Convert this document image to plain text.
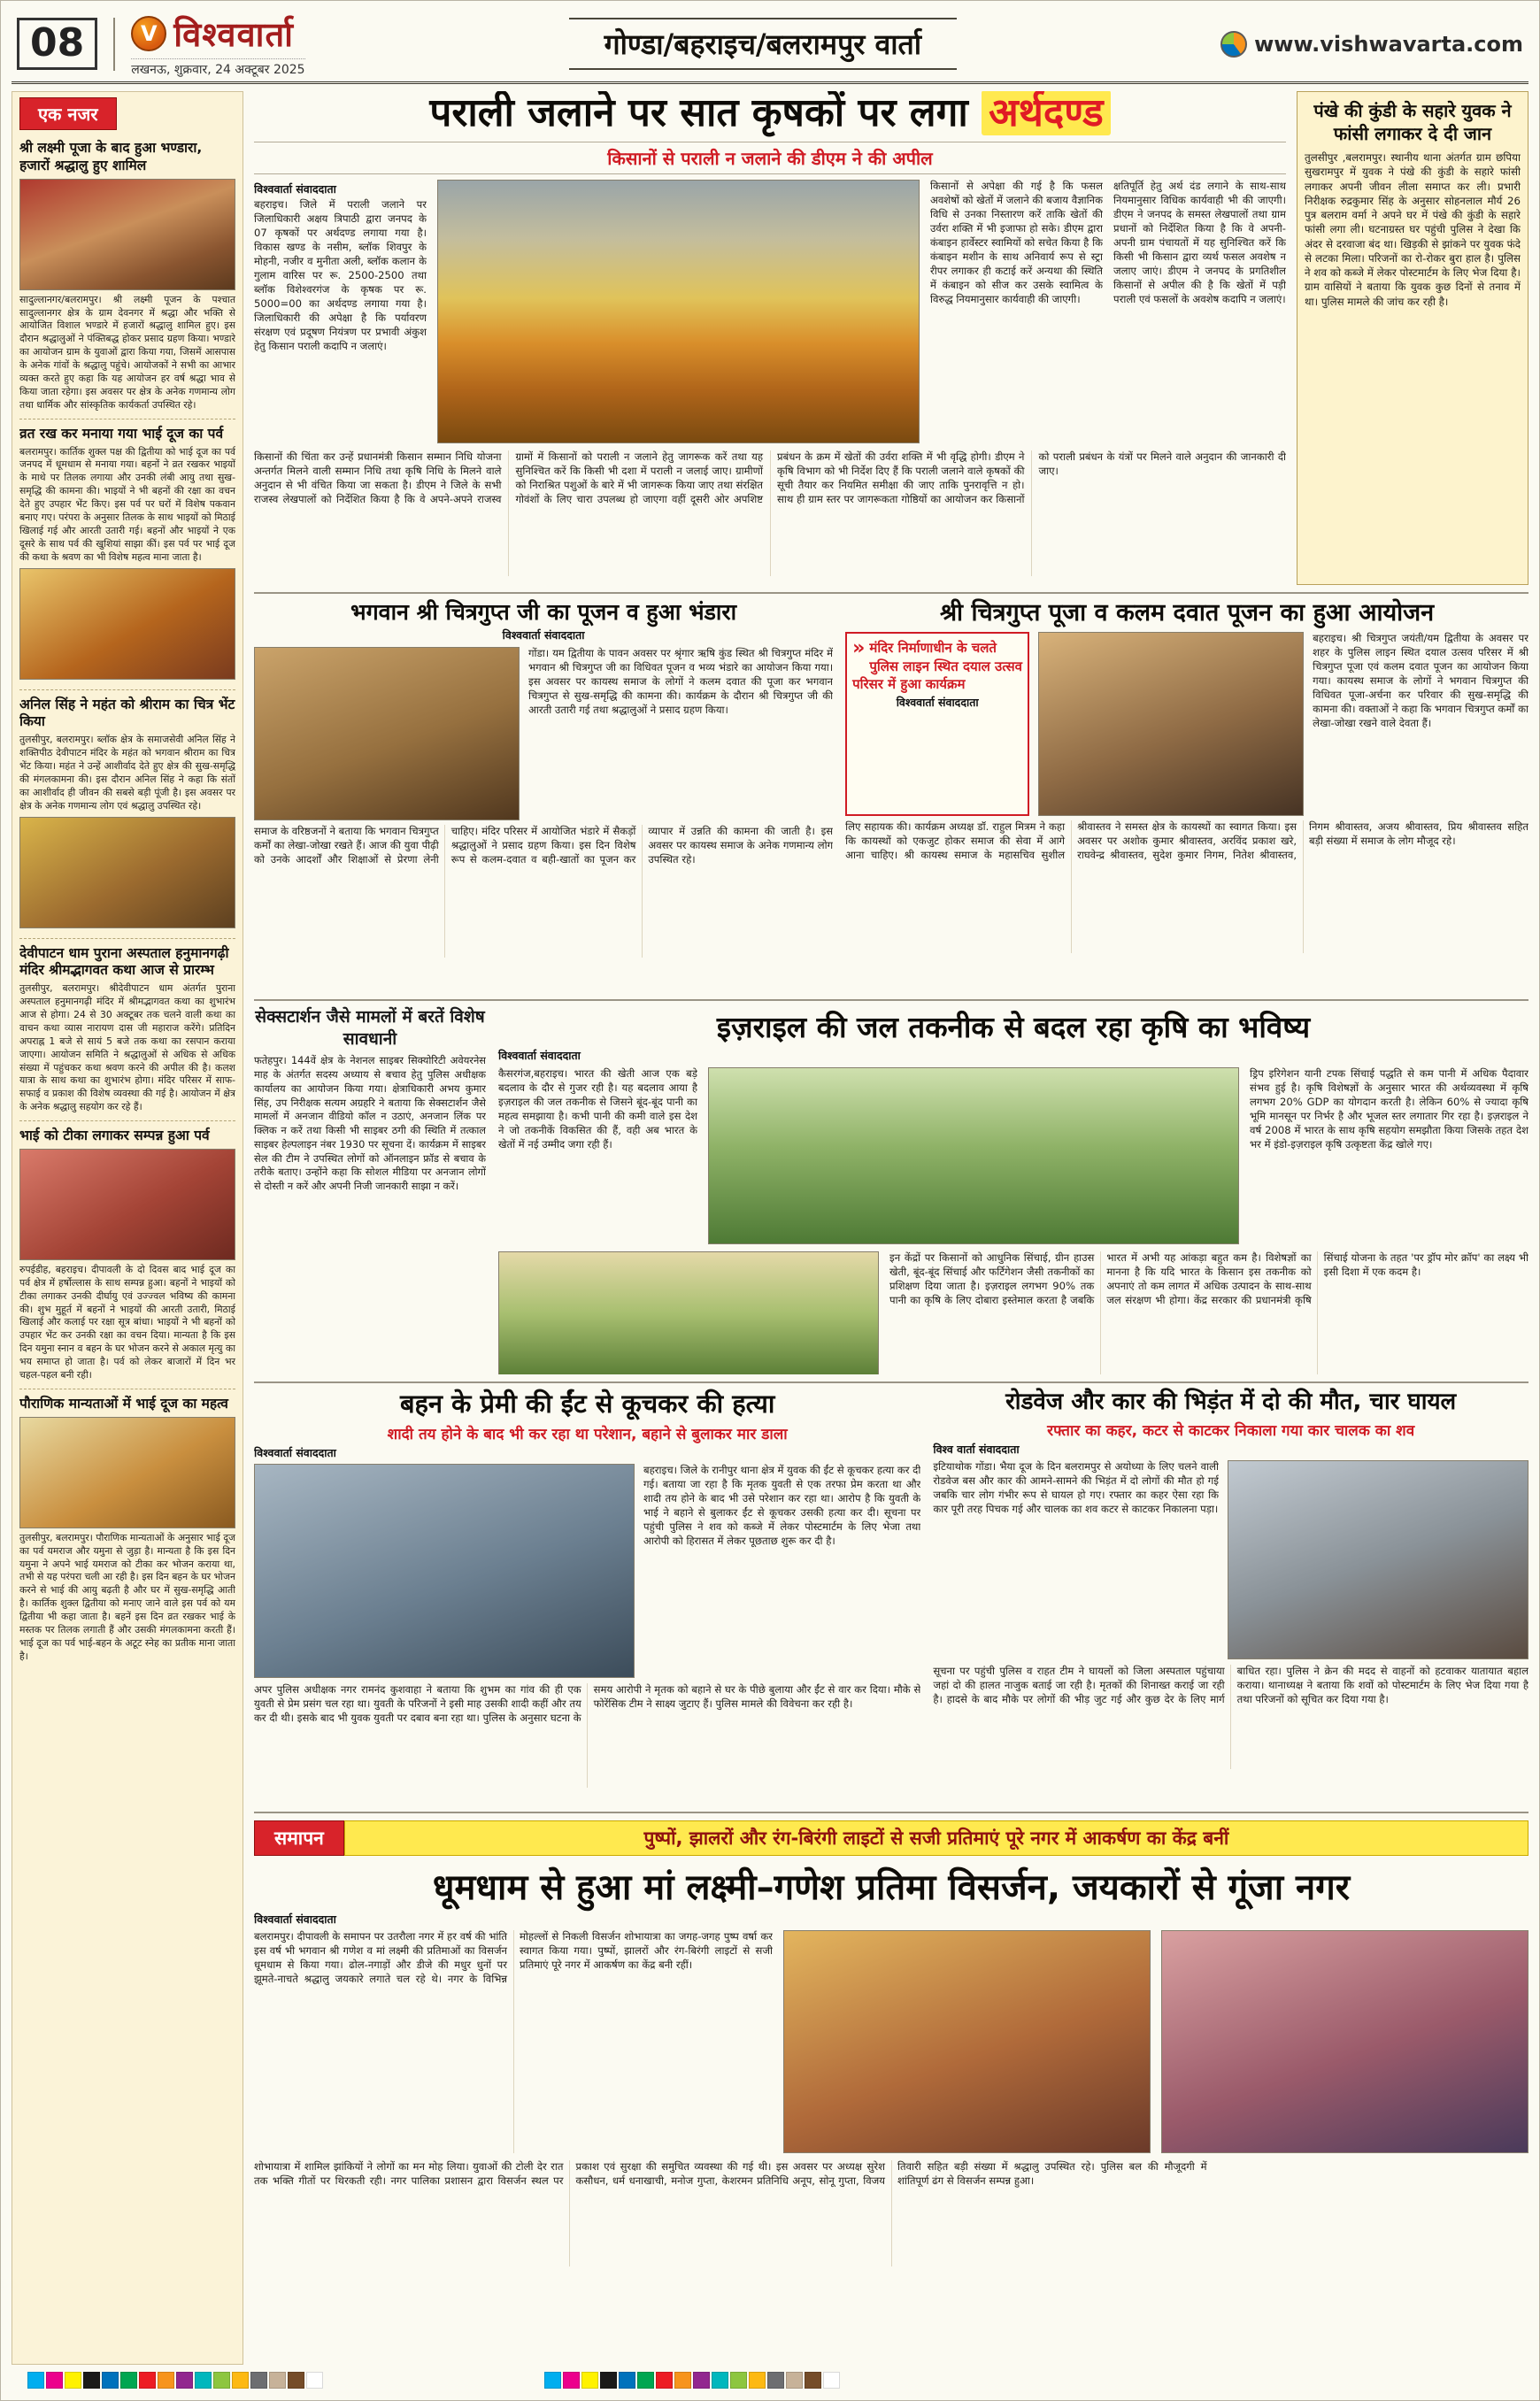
08	V विश्ववार्ता
लखनऊ, शुक्रवार, 24 अक्टूबर 2025
गोण्डा/बहराइच/बलरामपुर वार्ता	www.vishwavarta.com
एक नजर
श्री लक्ष्मी पूजा के बाद हुआ भण्डारा, हजारों श्रद्धालु हुए शामिल

सादुल्लानगर/बलरामपुर। श्री लक्ष्मी पूजन के पश्चात सादुल्लानगर क्षेत्र के ग्राम देवनगर में श्रद्धा और भक्ति से आयोजित विशाल भण्डारे में हजारों श्रद्धालु शामिल हुए। इस दौरान श्रद्धालुओं ने पंक्तिबद्ध होकर प्रसाद ग्रहण किया। भण्डारे का आयोजन ग्राम के युवाओं द्वारा किया गया, जिसमें आसपास के अनेक गांवों के श्रद्धालु पहुंचे। आयोजकों ने सभी का आभार व्यक्त करते हुए कहा कि यह आयोजन हर वर्ष श्रद्धा भाव से किया जाता रहेगा। इस अवसर पर क्षेत्र के अनेक गणमान्य लोग तथा धार्मिक और सांस्कृतिक कार्यकर्ता उपस्थित रहे।

व्रत रख कर मनाया गया भाई दूज का पर्व

बलरामपुर। कार्तिक शुक्ल पक्ष की द्वितीया को भाई दूज का पर्व जनपद में धूमधाम से मनाया गया। बहनों ने व्रत रखकर भाइयों के माथे पर तिलक लगाया और उनकी लंबी आयु तथा सुख-समृद्धि की कामना की। भाइयों ने भी बहनों की रक्षा का वचन देते हुए उपहार भेंट किए। इस पर्व पर घरों में विशेष पकवान बनाए गए। परंपरा के अनुसार तिलक के साथ भाइयों को मिठाई खिलाई गई और आरती उतारी गई। बहनों और भाइयों ने एक दूसरे के साथ पर्व की खुशियां साझा कीं। इस पर्व पर भाई दूज की कथा के श्रवण का भी विशेष महत्व माना जाता है।

अनिल सिंह ने महंत को श्रीराम का चित्र भेंट किया

तुलसीपुर, बलरामपुर। ब्लॉक क्षेत्र के समाजसेवी अनिल सिंह ने शक्तिपीठ देवीपाटन मंदिर के महंत को भगवान श्रीराम का चित्र भेंट किया। महंत ने उन्हें आशीर्वाद देते हुए क्षेत्र की सुख-समृद्धि की मंगलकामना की। इस दौरान अनिल सिंह ने कहा कि संतों का आशीर्वाद ही जीवन की सबसे बड़ी पूंजी है। इस अवसर पर क्षेत्र के अनेक गणमान्य लोग एवं श्रद्धालु उपस्थित रहे।

देवीपाटन धाम पुराना अस्पताल हनुमानगढ़ी मंदिर श्रीमद्भागवत कथा आज से प्रारम्भ

तुलसीपुर, बलरामपुर। श्रीदेवीपाटन धाम अंतर्गत पुराना अस्पताल हनुमानगढ़ी मंदिर में श्रीमद्भागवत कथा का शुभारंभ आज से होगा। 24 से 30 अक्टूबर तक चलने वाली कथा का वाचन कथा व्यास नारायण दास जी महाराज करेंगे। प्रतिदिन अपराह्न 1 बजे से सायं 5 बजे तक कथा का रसपान कराया जाएगा। आयोजन समिति ने श्रद्धालुओं से अधिक से अधिक संख्या में पहुंचकर कथा श्रवण करने की अपील की है। कलश यात्रा के साथ कथा का शुभारंभ होगा। मंदिर परिसर में साफ-सफाई व प्रकाश की विशेष व्यवस्था की गई है। आयोजन में क्षेत्र के अनेक श्रद्धालु सहयोग कर रहे हैं।

भाई को टीका लगाकर सम्पन्न हुआ पर्व

रुपईडीह, बहराइच। दीपावली के दो दिवस बाद भाई दूज का पर्व क्षेत्र में हर्षोल्लास के साथ सम्पन्न हुआ। बहनों ने भाइयों को टीका लगाकर उनकी दीर्घायु एवं उज्ज्वल भविष्य की कामना की। शुभ मुहूर्त में बहनों ने भाइयों की आरती उतारी, मिठाई खिलाई और कलाई पर रक्षा सूत्र बांधा। भाइयों ने भी बहनों को उपहार भेंट कर उनकी रक्षा का वचन दिया। मान्यता है कि इस दिन यमुना स्नान व बहन के घर भोजन करने से अकाल मृत्यु का भय समाप्त हो जाता है। पर्व को लेकर बाजारों में दिन भर चहल-पहल बनी रही।

पौराणिक मान्यताओं में भाई दूज का महत्व

तुलसीपुर, बलरामपुर। पौराणिक मान्यताओं के अनुसार भाई दूज का पर्व यमराज और यमुना से जुड़ा है। मान्यता है कि इस दिन यमुना ने अपने भाई यमराज को टीका कर भोजन कराया था, तभी से यह परंपरा चली आ रही है। इस दिन बहन के घर भोजन करने से भाई की आयु बढ़ती है और घर में सुख-समृद्धि आती है। कार्तिक शुक्ल द्वितीया को मनाए जाने वाले इस पर्व को यम द्वितीया भी कहा जाता है। बहनें इस दिन व्रत रखकर भाई के मस्तक पर तिलक लगाती हैं और उसकी मंगलकामना करती हैं। भाई दूज का पर्व भाई-बहन के अटूट स्नेह का प्रतीक माना जाता है।

पराली जलाने पर सात कृषकों पर लगा अर्थदण्ड
किसानों से पराली न जलाने की डीएम ने की अपील
विश्ववार्ता संवाददाता

बहराइच। जिले में पराली जलाने पर जिलाधिकारी अक्षय त्रिपाठी द्वारा जनपद के 07 कृषकों पर अर्थदण्ड लगाया गया है। विकास खण्ड के नसीम, ब्लॉक शिवपुर के मोहनी, नजीर व मुनीता अली, ब्लॉक कलान के गुलाम वारिस पर रू. 2500-2500 तथा ब्लॉक विशेश्वरगंज के कृषक पर रू. 5000=00 का अर्थदण्ड लगाया गया है। जिलाधिकारी की अपेक्षा है कि पर्यावरण संरक्षण एवं प्रदूषण नियंत्रण पर प्रभावी अंकुश हेतु किसान पराली कदापि न जलाएं।

किसानों से अपेक्षा की गई है कि फसल अवशेषों को खेतों में जलाने की बजाय वैज्ञानिक विधि से उनका निस्तारण करें ताकि खेतों की उर्वरा शक्ति में भी इजाफा हो सके। डीएम द्वारा कंबाइन हार्वेस्टर स्वामियों को सचेत किया है कि कंबाइन मशीन के साथ अनिवार्य रूप से स्ट्रा रीपर लगाकर ही कटाई करें अन्यथा की स्थिति में कंबाइन को सीज कर उसके स्वामित्व के विरुद्ध नियमानुसार कार्यवाही की जाएगी।

क्षतिपूर्ति हेतु अर्थ दंड लगाने के साथ-साथ नियमानुसार विधिक कार्यवाही भी की जाएगी। डीएम ने जनपद के समस्त लेखपालों तथा ग्राम प्रधानों को निर्देशित किया है कि वे अपनी-अपनी ग्राम पंचायतों में यह सुनिश्चित करें कि किसी भी किसान द्वारा व्यर्थ फसल अवशेष न जलाए जाएं। डीएम ने जनपद के प्रगतिशील किसानों से अपील की है कि खेतों में पड़ी पराली एवं फसलों के अवशेष कदापि न जलाएं।

किसानों की चिंता कर उन्हें प्रधानमंत्री किसान सम्मान निधि योजना अन्तर्गत मिलने वाली सम्मान निधि तथा कृषि निधि के मिलने वाले अनुदान से भी वंचित किया जा सकता है। डीएम ने जिले के सभी राजस्व लेखपालों को निर्देशित किया है कि वे अपने-अपने राजस्व ग्रामों में किसानों को पराली न जलाने हेतु जागरूक करें तथा यह सुनिश्चित करें कि किसी भी दशा में पराली न जलाई जाए। ग्रामीणों को निराश्रित पशुओं के बारे में भी जागरूक किया जाए तथा संरक्षित गोवंशों के लिए चारा उपलब्ध हो जाएगा वहीं दूसरी ओर अपशिष्ट प्रबंधन के क्रम में खेतों की उर्वरा शक्ति में भी वृद्धि होगी। डीएम ने कृषि विभाग को भी निर्देश दिए हैं कि पराली जलाने वाले कृषकों की सूची तैयार कर नियमित समीक्षा की जाए ताकि पुनरावृत्ति न हो। साथ ही ग्राम स्तर पर जागरूकता गोष्ठियों का आयोजन कर किसानों को पराली प्रबंधन के यंत्रों पर मिलने वाले अनुदान की जानकारी दी जाए।

पंखे की कुंडी के सहारे युवक ने फांसी लगाकर दे दी जान

तुलसीपुर ,बलरामपुर। स्थानीय थाना अंतर्गत ग्राम छपिया सुखरामपुर में युवक ने पंखे की कुंडी के सहारे फांसी लगाकर अपनी जीवन लीला समाप्त कर ली। प्रभारी निरीक्षक रुद्रकुमार सिंह के अनुसार सोहनलाल मौर्य 26 पुत्र बलराम वर्मा ने अपने घर में पंखे की कुंडी के सहारे फांसी लगा ली। घटनाग्रस्त घर पहुंची पुलिस ने देखा कि अंदर से दरवाजा बंद था। खिड़की से झांकने पर युवक फंदे से लटका मिला। परिजनों का रो-रोकर बुरा हाल है। पुलिस ने शव को कब्जे में लेकर पोस्टमार्टम के लिए भेज दिया है। ग्राम वासियों ने बताया कि युवक कुछ दिनों से तनाव में था। पुलिस मामले की जांच कर रही है।

भगवान श्री चित्रगुप्त जी का पूजन व हुआ भंडारा
विश्ववार्ता संवाददाता

गोंडा। यम द्वितीया के पावन अवसर पर श्रृंगार ऋषि कुंड स्थित श्री चित्रगुप्त मंदिर में भगवान श्री चित्रगुप्त जी का विधिवत पूजन व भव्य भंडारे का आयोजन किया गया। इस अवसर पर कायस्थ समाज के लोगों ने कलम दवात की पूजा कर भगवान चित्रगुप्त से सुख-समृद्धि की कामना की। कार्यक्रम के दौरान श्री चित्रगुप्त जी की आरती उतारी गई तथा श्रद्धालुओं ने प्रसाद ग्रहण किया।

समाज के वरिष्ठजनों ने बताया कि भगवान चित्रगुप्त कर्मों का लेखा-जोखा रखते हैं। आज की युवा पीढ़ी को उनके आदर्शों और शिक्षाओं से प्रेरणा लेनी चाहिए। मंदिर परिसर में आयोजित भंडारे में सैकड़ों श्रद्धालुओं ने प्रसाद ग्रहण किया। इस दिन विशेष रूप से कलम-दवात व बही-खातों का पूजन कर व्यापार में उन्नति की कामना की जाती है। इस अवसर पर कायस्थ समाज के अनेक गणमान्य लोग उपस्थित रहे।

श्री चित्रगुप्त पूजा व कलम दवात पूजन का हुआ आयोजन
» मंदिर निर्माणाधीन के चलते पुलिस लाइन स्थित दयाल उत्सव परिसर में हुआ कार्यक्रम
विश्ववार्ता संवाददाता

बहराइच। श्री चित्रगुप्त जयंती/यम द्वितीया के अवसर पर शहर के पुलिस लाइन स्थित दयाल उत्सव परिसर में श्री चित्रगुप्त पूजा एवं कलम दवात पूजन का आयोजन किया गया। कायस्थ समाज के लोगों ने भगवान चित्रगुप्त की विधिवत पूजा-अर्चना कर परिवार की सुख-समृद्धि की कामना की। वक्ताओं ने कहा कि भगवान चित्रगुप्त कर्मों का लेखा-जोखा रखने वाले देवता हैं।

लिए सहायक की। कार्यक्रम अध्यक्ष डॉ. राहुल मित्रम ने कहा कि कायस्थों को एकजुट होकर समाज की सेवा में आगे आना चाहिए। श्री कायस्थ समाज के महासचिव सुशील श्रीवास्तव ने समस्त क्षेत्र के कायस्थों का स्वागत किया। इस अवसर पर अशोक कुमार श्रीवास्तव, अरविंद प्रकाश खरे, राघवेन्द्र श्रीवास्तव, सुदेश कुमार निगम, नितेश श्रीवास्तव, निगम श्रीवास्तव, अजय श्रीवास्तव, प्रिय श्रीवास्तव सहित बड़ी संख्या में समाज के लोग मौजूद रहे।

सेक्सटार्शन जैसे मामलों में बरतें विशेष सावधानी

फतेहपुर। 144वें क्षेत्र के नेशनल साइबर सिक्योरिटी अवेयरनेस माह के अंतर्गत सदस्य अध्याय से बचाव हेतु पुलिस अधीक्षक कार्यालय का आयोजन किया गया। क्षेत्राधिकारी अभय कुमार सिंह, उप निरीक्षक सत्यम अग्रहरि ने बताया कि सेक्सटार्शन जैसे मामलों में अनजान वीडियो कॉल न उठाएं, अनजान लिंक पर क्लिक न करें तथा किसी भी साइबर ठगी की स्थिति में तत्काल साइबर हेल्पलाइन नंबर 1930 पर सूचना दें। कार्यक्रम में साइबर सेल की टीम ने उपस्थित लोगों को ऑनलाइन फ्रॉड से बचाव के तरीके बताए। उन्होंने कहा कि सोशल मीडिया पर अनजान लोगों से दोस्ती न करें और अपनी निजी जानकारी साझा न करें।

इज़राइल की जल तकनीक से बदल रहा कृषि का भविष्य
विश्ववार्ता संवाददाता

कैसरगंज,बहराइच। भारत की खेती आज एक बड़े बदलाव के दौर से गुजर रही है। यह बदलाव आया है इज़राइल की जल तकनीक से जिसने बूंद-बूंद पानी का महत्व समझाया है। कभी पानी की कमी वाले इस देश ने जो तकनीकें विकसित की हैं, वही अब भारत के खेतों में नई उम्मीद जगा रही हैं।

ड्रिप इरिगेशन यानी टपक सिंचाई पद्धति से कम पानी में अधिक पैदावार संभव हुई है। कृषि विशेषज्ञों के अनुसार भारत की अर्थव्यवस्था में कृषि लगभग 20% GDP का योगदान करती है। लेकिन 60% से ज्यादा कृषि भूमि मानसून पर निर्भर है और भूजल स्तर लगातार गिर रहा है। इज़राइल ने वर्ष 2008 में भारत के साथ कृषि सहयोग समझौता किया जिसके तहत देश भर में इंडो-इज़राइल कृषि उत्कृष्टता केंद्र खोले गए।

इन केंद्रों पर किसानों को आधुनिक सिंचाई, ग्रीन हाउस खेती, बूंद-बूंद सिंचाई और फर्टिगेशन जैसी तकनीकों का प्रशिक्षण दिया जाता है। इज़राइल लगभग 90% तक पानी का कृषि के लिए दोबारा इस्तेमाल करता है जबकि भारत में अभी यह आंकड़ा बहुत कम है। विशेषज्ञों का मानना है कि यदि भारत के किसान इस तकनीक को अपनाएं तो कम लागत में अधिक उत्पादन के साथ-साथ जल संरक्षण भी होगा। केंद्र सरकार की प्रधानमंत्री कृषि सिंचाई योजना के तहत 'पर ड्रॉप मोर क्रॉप' का लक्ष्य भी इसी दिशा में एक कदम है।

बहन के प्रेमी की ईंट से कूचकर की हत्या
शादी तय होने के बाद भी कर रहा था परेशान, बहाने से बुलाकर मार डाला
विश्ववार्ता संवाददाता

बहराइच। जिले के रानीपुर थाना क्षेत्र में युवक की ईंट से कूचकर हत्या कर दी गई। बताया जा रहा है कि मृतक युवती से एक तरफा प्रेम करता था और शादी तय होने के बाद भी उसे परेशान कर रहा था। आरोप है कि युवती के भाई ने बहाने से बुलाकर ईंट से कूचकर उसकी हत्या कर दी। सूचना पर पहुंची पुलिस ने शव को कब्जे में लेकर पोस्टमार्टम के लिए भेजा तथा आरोपी को हिरासत में लेकर पूछताछ शुरू कर दी है।

अपर पुलिस अधीक्षक नगर रामनंद कुशवाहा ने बताया कि शुभम का गांव की ही एक युवती से प्रेम प्रसंग चल रहा था। युवती के परिजनों ने इसी माह उसकी शादी कहीं और तय कर दी थी। इसके बाद भी युवक युवती पर दबाव बना रहा था। पुलिस के अनुसार घटना के समय आरोपी ने मृतक को बहाने से घर के पीछे बुलाया और ईंट से वार कर दिया। मौके से फोरेंसिक टीम ने साक्ष्य जुटाए हैं। पुलिस मामले की विवेचना कर रही है।

रोडवेज और कार की भिड़ंत में दो की मौत, चार घायल
रफ्तार का कहर, कटर से काटकर निकाला गया कार चालक का शव
विश्व वार्ता संवाददाता

इटियाथोक गोंडा। भैया दूज के दिन बलरामपुर से अयोध्या के लिए चलने वाली रोडवेज बस और कार की आमने-सामने की भिड़ंत में दो लोगों की मौत हो गई जबकि चार लोग गंभीर रूप से घायल हो गए। रफ्तार का कहर ऐसा रहा कि कार पूरी तरह पिचक गई और चालक का शव कटर से काटकर निकालना पड़ा।

सूचना पर पहुंची पुलिस व राहत टीम ने घायलों को जिला अस्पताल पहुंचाया जहां दो की हालत नाजुक बताई जा रही है। मृतकों की शिनाख्त कराई जा रही है। हादसे के बाद मौके पर लोगों की भीड़ जुट गई और कुछ देर के लिए मार्ग बाधित रहा। पुलिस ने क्रेन की मदद से वाहनों को हटवाकर यातायात बहाल कराया। थानाध्यक्ष ने बताया कि शवों को पोस्टमार्टम के लिए भेज दिया गया है तथा परिजनों को सूचित कर दिया गया है।

समापन	पुष्पों, झालरों और रंग-बिरंगी लाइटों से सजी प्रतिमाएं पूरे नगर में आकर्षण का केंद्र बनीं
धूमधाम से हुआ मां लक्ष्मी–गणेश प्रतिमा विसर्जन, जयकारों से गूंजा नगर
विश्ववार्ता संवाददाता

बलरामपुर। दीपावली के समापन पर उतरौला नगर में हर वर्ष की भांति इस वर्ष भी भगवान श्री गणेश व मां लक्ष्मी की प्रतिमाओं का विसर्जन धूमधाम से किया गया। ढोल-नगाड़ों और डीजे की मधुर धुनों पर झूमते-नाचते श्रद्धालु जयकारे लगाते चल रहे थे। नगर के विभिन्न मोहल्लों से निकली विसर्जन शोभायात्रा का जगह-जगह पुष्प वर्षा कर स्वागत किया गया। पुष्पों, झालरों और रंग-बिरंगी लाइटों से सजी प्रतिमाएं पूरे नगर में आकर्षण का केंद्र बनी रहीं।

शोभायात्रा में शामिल झांकियों ने लोगों का मन मोह लिया। युवाओं की टोली देर रात तक भक्ति गीतों पर थिरकती रही। नगर पालिका प्रशासन द्वारा विसर्जन स्थल पर प्रकाश एवं सुरक्षा की समुचित व्यवस्था की गई थी। इस अवसर पर अध्यक्ष सुरेश कसौधन, धर्म धनाखाची, मनोज गुप्ता, केशरमन प्रतिनिधि अनूप, सोनू गुप्ता, विजय तिवारी सहित बड़ी संख्या में श्रद्धालु उपस्थित रहे। पुलिस बल की मौजूदगी में शांतिपूर्ण ढंग से विसर्जन सम्पन्न हुआ।
